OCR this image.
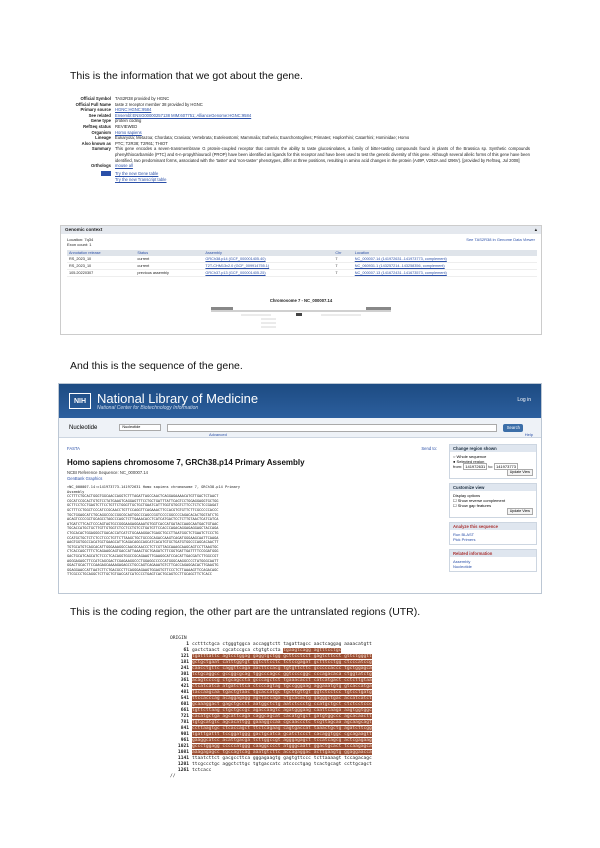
This is the information that we got about the gene.
And this is the sequence of the gene.
This is the coding region, the other part are the untranslated regions (UTR).
Official Symbol TAS2R38 provided by HGNC
Official Full Name taste 2 receptor member 38 provided by HGNC
Primary source HGNC:HGNC:9584
See related Ensembl:ENSG00000257138 MIM:607751; AllianceGenome:HGNC:9584
Gene type protein coding
RefSeq status REVIEWED
Organism Homo sapiens
Lineage Eukaryota; Metazoa; Chordata; Craniata; Vertebrata; Euteleostomi; Mammalia; Eutheria; Euarchontoglires; Primates; Haplorrhini; Catarrhini; Hominidae; Homo
Also known as PTC; T2R38; T2R61; THIOT
Summary This gene encodes a seven-transmembrane G protein-coupled receptor that controls the ability to taste glucosinolates, a family of bitter-tasting compounds found in plants of the Brassica sp. Synthetic compounds phenylthiocarbamide (PTC) and 6-n-propylthiouracil (PROP) have been identified as ligands for this receptor and have been used to test the genetic diversity of this gene. Although several allelic forms of this gene have been identified, two predominant forms, associated with the 'taster' and 'non-taster' phenotypes, differ at three positions, resulting in amino acid changes in the protein (A49P, V262A and I296V). [provided by RefSeq, Jul 2008]
Orthologs mouse all
Try the new Gene table
Try the new Transcript table
Genomic context	▴
Location: 7q34
Exon count: 1
See TAS2R38 in Genome Data Viewer
Annotation release	Status	Assembly	Chr	Location
RS_2023_10	current	GRCh38.p14 (GCF_000001405.40)	7	NC_000007.14 (141972631..141973773, complement)
RS_2023_10	current	T2T-CHM13v2.0 (GCF_009914755.1)	7	NC_060931.1 (143257214..143258356, complement)
105.20220307	previous assembly	GRCh37.p13 (GCF_000001405.25)	7	NC_000007.13 (141672431..141673573, complement)
Chromosome 7 - NC_000007.14
NIH National Library of Medicine
National Center for Biotechnology Information
Log in
Nucleotide	Nucleotide	Search
Advanced	Help
FASTA	Send to:
Homo sapiens chromosome 7, GRCh38.p14 Primary Assembly
NCBI Reference Sequence: NC_000007.14
GenBank Graphics
>NC_000007.14:c141973773-141972631 Homo sapiens chromosome 7, GRCh38.p14 Primary
Assembly
CCTTTCTGCACTGGGTGGCAACCAGGTCTTTAGATTAGCCAACTCAGGAGAAAACATGTTGACTCTAACT
CGCATCCGCACTGTGTCCTATGAAGTCAGGAGTTTCCTGCTGATTTATTCAGTCCTGGAGGAGGTGCTGG
GCTTCCTCCTGAGTCTTCCTGTTCTGGGTTGCTGCTGAATCATTTGGTGTGGTCTTCCTCTCTCCGAGAT
GCTTTCCTGGCTCCCATCCGCAACCTGTTCCAGGTTCAGAAACTTCCACGTGTGTTCTTCGCCCCCACCC
TGCTGGAGCATCTGCAGGCCGCCGGCGCAGTGGCCCAGCCGGTCCCCGGCCCCAGACACACTGGTATCTG
ACAGTCCCCGCTGCAGCCTAGCCCAGCTCTTGAAACACCTCATCATGACTCCTCTTGTAACTCATCATCA
ATGATCTTCACTCCCAGTAGTGCCGGGAAGAGGAAATGTGGTCACCATGATACCAAGCAATGACTGTAAC
TGCACCATGCTGCTTGTTGTGGTCTCCTCCTGTCCTGATGTTCCACCCAGACAGGAGAGGAGCTACCAGA
CTGCACACTGGAGGGCTGACACCATCATCTGCAAAGGACTGAGCTGCCTTAATGGCTCTGAATCTCCCTG
CCATGCTGCTCTCTCCTCCCTGTTCTTAAGCTGCTGCCGCAGACCAAGTCAGATGGGAAGCAATTCAAGA
AAGTGGTGGCCACATGCTGAAGCATTCAGACAGGCAGCATCACATGTGCTGATGTGGCCCAGCACAACTT
TGTGCATGTCAGCACATTGGGAAAGGCCAACGCAACCCTCTCGTTAGCAAAGCAAGCAGTCCTTAAGTGC
CTCACCAGCTTTCTCAGAAGCAGTGACCATTAAACTGCTGAGATCTTCGGTGATTGATTTTCCGGATGGG
GACTGCATCAGCATCTCCCTCACAGGTGGCCGCAGAAGTTGAAGGCATCCACATTGACGATCTTGGCCGT
AGGGAGAGCTTCCATCAGCGACTCGAGAAGGCCCTGGAGGCCCCCATGGGCAAGGCCCCTATGGGCAATT
GGACTGCACTTCCAAGAGCAAAAGAGAGCCTGCCAGTCAGAAATGTCTTCACCAGAGGACACTTGAAGTG
GGAGGAACCATTAATCTTCTGACGCCTTCAGGGAGAAGTGGAGTGTTCCCTCTTAAAAGTTCCAGACAGC
TTCGCCCTGCAGGCTCTTGCTGTGACCATCATCCCCTGAGTCACTGCAGTCCTTGCAGCTTCTCACC
Change region shown
○ Whole sequence
● Selected region
from: 141972631 to: 141973773
Update View
Customize view
Display options
☐ Show reverse complement
☐ Show gap features
Update View
Analyze this sequence
Run BLAST
Pick Primers
Related information
Assembly
Nucleotide
ORIGIN
1 cctttctgca ctgggtggca accaggtctt tagattagcc aactcaggag aaaacatgtt
61 gactctaact cgcatccgca ctgtgtccta tgaagtcagg agtttcctgc
121 tgatttattc agtcctggag gaggtgctgg gcttcctcct gagtcttcct gttctgggtt
181 gctgctgaat catttggtgt ggtcttcctc tctccgagat gctttcctgg ctcccatccg
241 caacctgttc caggttcaga aacttccacg tgtgttcttc gcccccaccc tgctggagca
301 tctgcaggcc gccggcgcag tggcccagcc ggtccccggc cccagacaca ctggtatctg
361 acagtccccg ctgcagccta gcccagctct tgaaacacct catcatgact cctcttgtaa
421 ctcatcatca atgatcttca ctcccagtag tgccgggaag aggaaatgtg gtcaccatga
481 taccaagcaa tgactgtaac tgcaccatgc tgcttgttgt ggtctcctcc tgtcctgatg
541 ttccacccag acaggagagg agctaccaga ctgcacactg gagggctgac accatcatct
601 gcaaaggact gagctgcctt aatggctctg aatctccctg ccatgctgct ctctcctccc
661 tgttcttaag ctgctgccgc agaccaagtc agatgggaag caattcaaga aagtggtggc
721 cacatgctga agcattcaga caggcagcat cacatgtgct gatgtggccc agcacaactt
781 tgtgcatgtc agcacattgg gaaaggccaa cgcaaccctc tcgttagcaa agcaagcagt
841 ccttaagtgc ctcaccagct ttctcagaag cagtgaccat taaactgctg agatcttcgg
901 tgattgattt tccggatggg gactgcatca gcatctccct cacaggtggc cgcagaagtt
961 gaaggcatcc acattgacga tcttggccgt agggagagct tccatcagcg actcgagaag
1021 gccctggagg cccccatggg caaggcccct atgggcaatt ggactgcact tccaagagca
1081 aaagagagcc tgccagtcag aaatgtcttc accagaggac acttgaagtg ggaggaacca
1141 ttaatcttct gacgccttca gggagaagtg gagtgttccc tcttaaaagt tccagacagc
1201 ttcgccctgc aggctcttgc tgtgaccatc atcccctgag tcactgcagt ccttgcagct
1261 tctcacc
//
